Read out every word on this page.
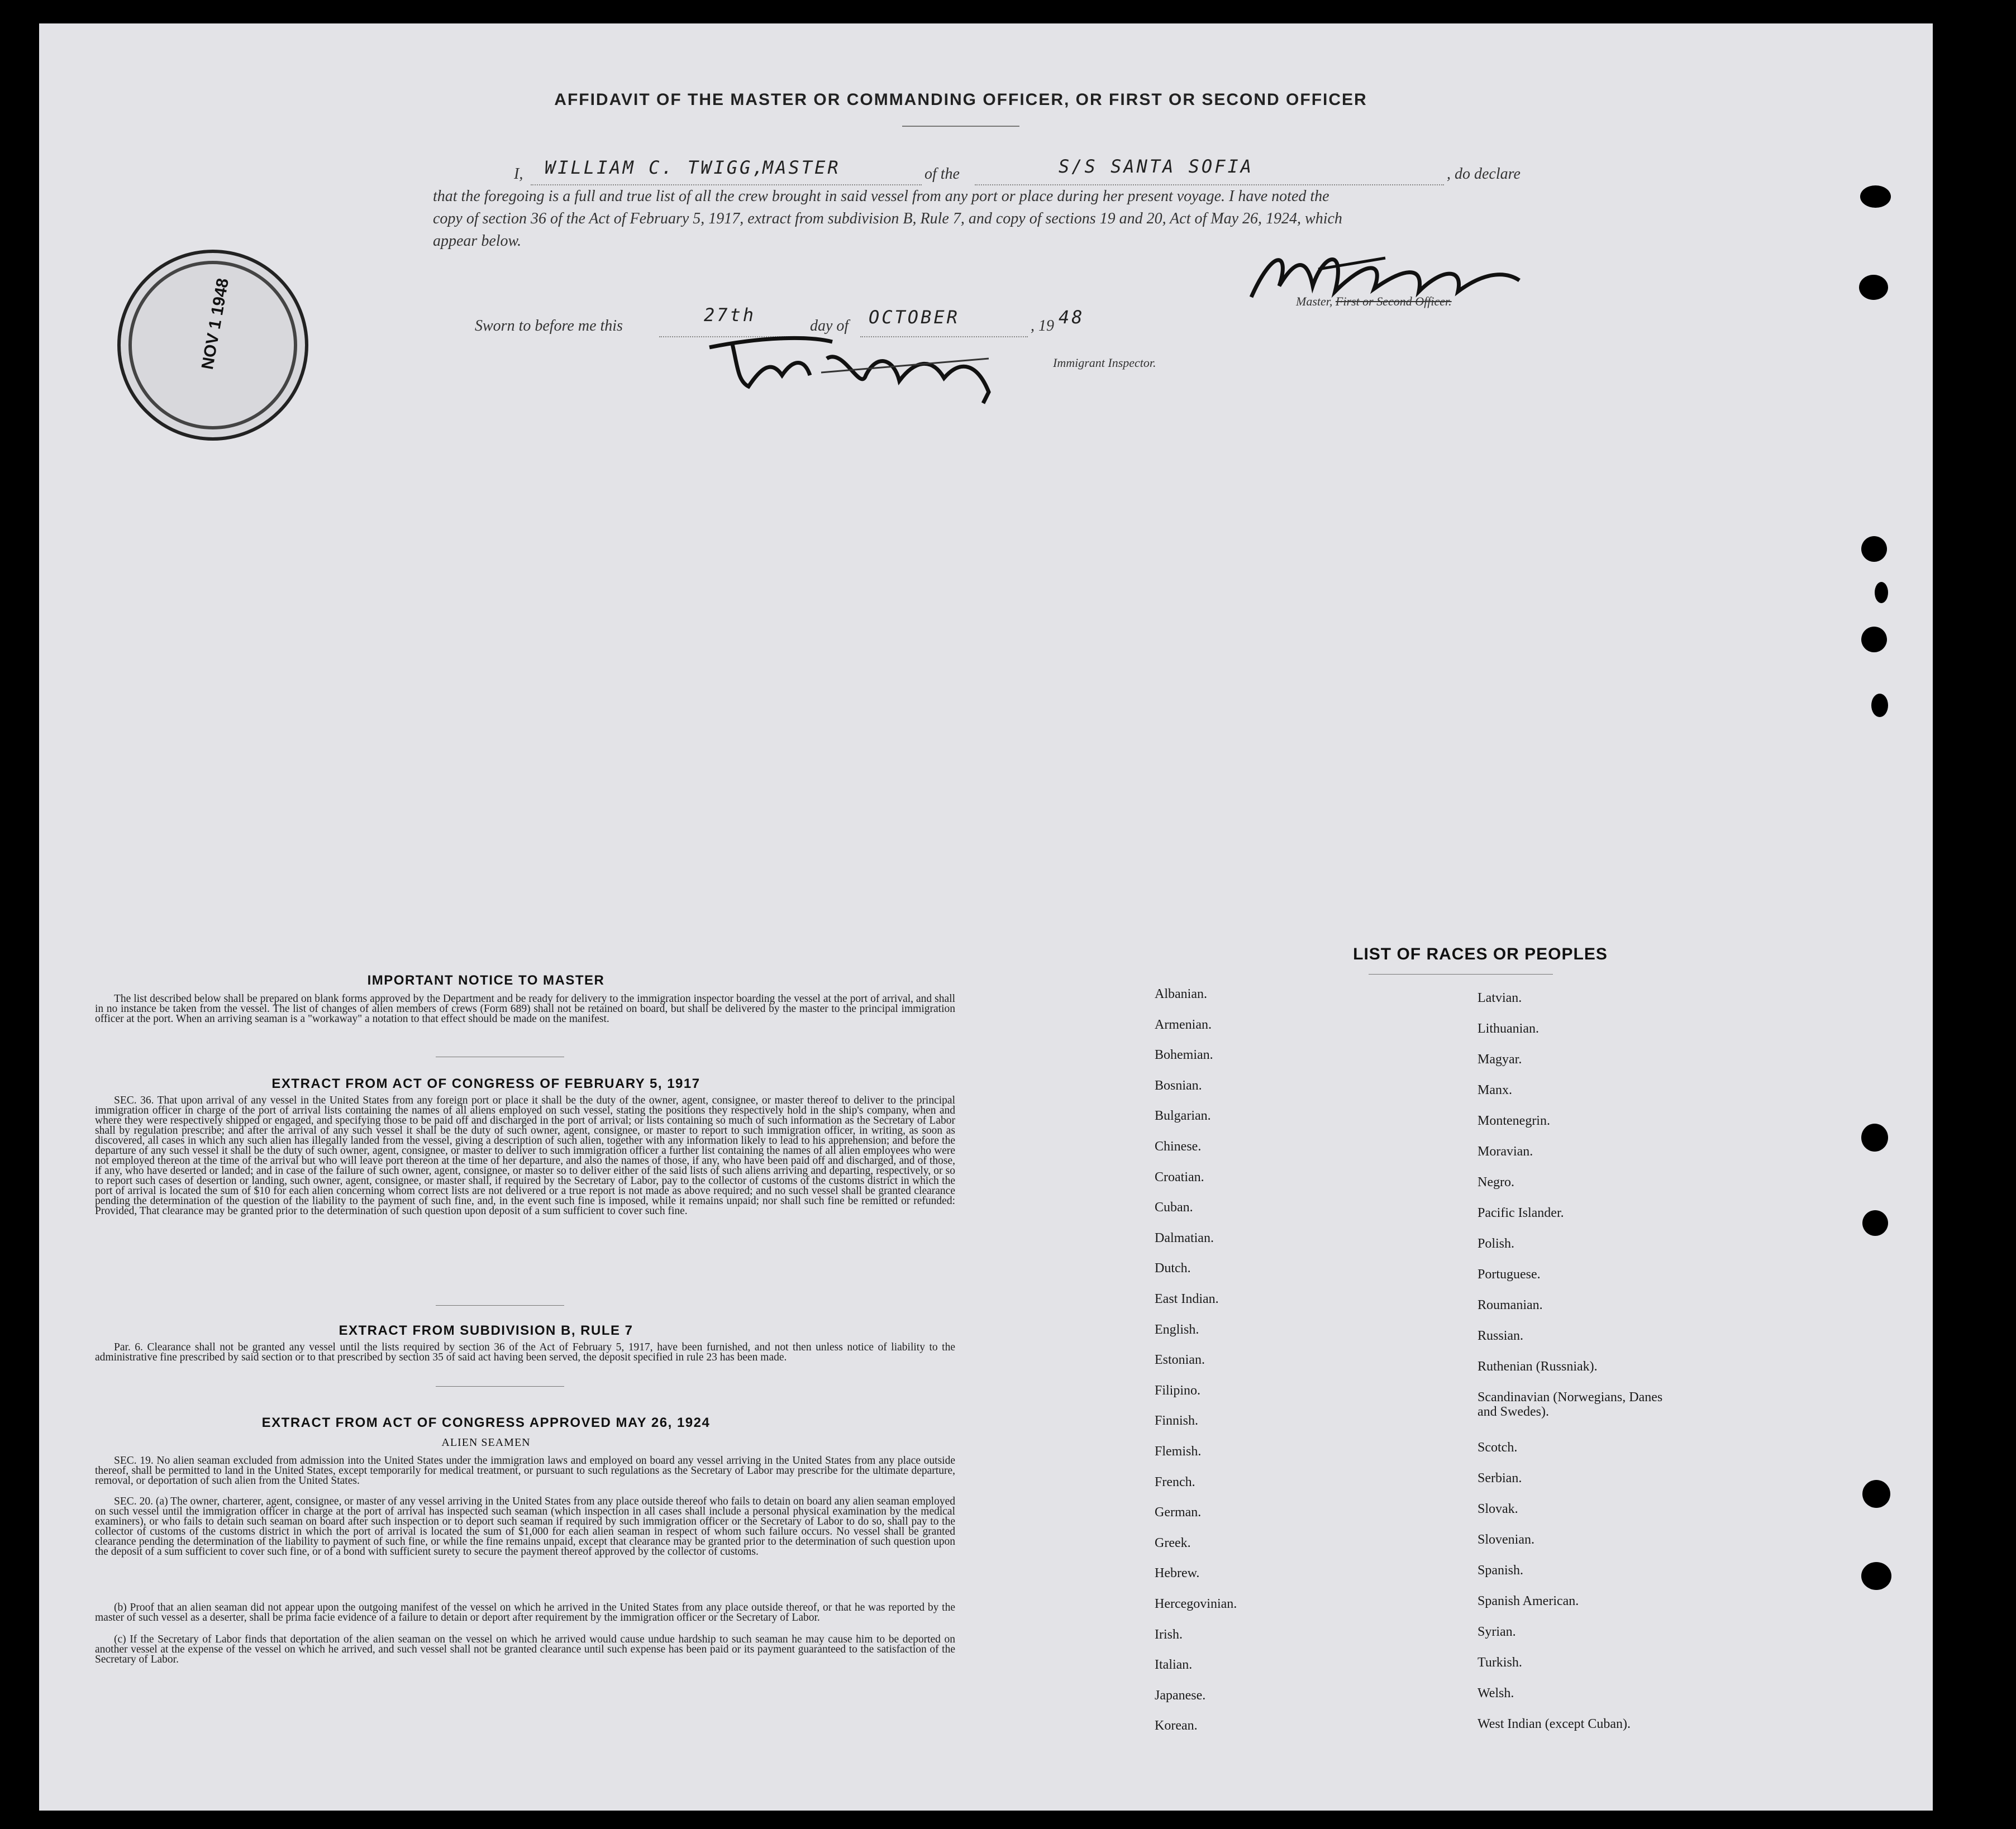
AFFIDAVIT OF THE MASTER OR COMMANDING OFFICER, OR FIRST OR SECOND OFFICER
I, WILLIAM C. TWIGG,
MASTER	of the	S/S SANTA SOFIA	, do declare
that the foregoing is a full and true list of all the crew brought in said vessel from any port or place during her present voyage. I have noted the
copy of section 36 of the Act of February 5, 1917, extract from subdivision B, Rule 7, and copy of sections 19 and 20, Act of May 26, 1924, which
appear below.
Master, First or Second Officer.
Sworn to before me this
27th
day of OCTOBER	, 19 48
Immigrant Inspector.
NOV 1 1948
IMPORTANT NOTICE TO MASTER
The list described below shall be prepared on blank forms approved by the Department and be ready for delivery to the immigration inspector boarding the vessel at the port of arrival, and shall in no instance be taken from the vessel. The list of changes of alien members of crews (Form 689) shall not be retained on board, but shall be delivered by the master to the principal immigration officer at the port. When an arriving seaman is a "workaway" a notation to that effect should be made on the manifest.
EXTRACT FROM ACT OF CONGRESS OF FEBRUARY 5, 1917
SEC. 36. That upon arrival of any vessel in the United States from any foreign port or place it shall be the duty of the owner, agent, consignee, or master thereof to deliver to the principal immigration officer in charge of the port of arrival lists containing the names of all aliens employed on such vessel, stating the positions they respectively hold in the ship's company, when and where they were respectively shipped or engaged, and specifying those to be paid off and discharged in the port of arrival; or lists containing so much of such information as the Secretary of Labor shall by regulation prescribe; and after the arrival of any such vessel it shall be the duty of such owner, agent, consignee, or master to report to such immigration officer, in writing, as soon as discovered, all cases in which any such alien has illegally landed from the vessel, giving a description of such alien, together with any information likely to lead to his apprehension; and before the departure of any such vessel it shall be the duty of such owner, agent, consignee, or master to deliver to such immigration officer a further list containing the names of all alien employees who were not employed thereon at the time of the arrival but who will leave port thereon at the time of her departure, and also the names of those, if any, who have been paid off and discharged, and of those, if any, who have deserted or landed; and in case of the failure of such owner, agent, consignee, or master so to deliver either of the said lists of such aliens arriving and departing, respectively, or so to report such cases of desertion or landing, such owner, agent, consignee, or master shall, if required by the Secretary of Labor, pay to the collector of customs of the customs district in which the port of arrival is located the sum of $10 for each alien concerning whom correct lists are not delivered or a true report is not made as above required; and no such vessel shall be granted clearance pending the determination of the question of the liability to the payment of such fine, and, in the event such fine is imposed, while it remains unpaid; nor shall such fine be remitted or refunded: Provided, That clearance may be granted prior to the determination of such question upon deposit of a sum sufficient to cover such fine.
EXTRACT FROM SUBDIVISION B, RULE 7
Par. 6. Clearance shall not be granted any vessel until the lists required by section 36 of the Act of February 5, 1917, have been furnished, and not then unless notice of liability to the administrative fine prescribed by said section or to that prescribed by section 35 of said act having been served, the deposit specified in rule 23 has been made.
EXTRACT FROM ACT OF CONGRESS APPROVED MAY 26, 1924
ALIEN SEAMEN
SEC. 19. No alien seaman excluded from admission into the United States under the immigration laws and employed on board any vessel arriving in the United States from any place outside thereof, shall be permitted to land in the United States, except temporarily for medical treatment, or pursuant to such regulations as the Secretary of Labor may prescribe for the ultimate departure, removal, or deportation of such alien from the United States.
SEC. 20. (a) The owner, charterer, agent, consignee, or master of any vessel arriving in the United States from any place outside thereof who fails to detain on board any alien seaman employed on such vessel until the immigration officer in charge at the port of arrival has inspected such seaman (which inspection in all cases shall include a personal physical examination by the medical examiners), or who fails to detain such seaman on board after such inspection or to deport such seaman if required by such immigration officer or the Secretary of Labor to do so, shall pay to the collector of customs of the customs district in which the port of arrival is located the sum of $1,000 for each alien seaman in respect of whom such failure occurs. No vessel shall be granted clearance pending the determination of the liability to payment of such fine, or while the fine remains unpaid, except that clearance may be granted prior to the determination of such question upon the deposit of a sum sufficient to cover such fine, or of a bond with sufficient surety to secure the payment thereof approved by the collector of customs.
(b) Proof that an alien seaman did not appear upon the outgoing manifest of the vessel on which he arrived in the United States from any place outside thereof, or that he was reported by the master of such vessel as a deserter, shall be prima facie evidence of a failure to detain or deport after requirement by the immigration officer or the Secretary of Labor.
(c) If the Secretary of Labor finds that deportation of the alien seaman on the vessel on which he arrived would cause undue hardship to such seaman he may cause him to be deported on another vessel at the expense of the vessel on which he arrived, and such vessel shall not be granted clearance until such expense has been paid or its payment guaranteed to the satisfaction of the Secretary of Labor.
LIST OF RACES OR PEOPLES
Albanian.
Armenian.
Bohemian.
Bosnian.
Bulgarian.
Chinese.
Croatian.
Cuban.
Dalmatian.
Dutch.
East Indian.
English.
Estonian.
Filipino.
Finnish.
Flemish.
French.
German.
Greek.
Hebrew.
Hercegovinian.
Irish.
Italian.
Japanese.
Korean.
Latvian.
Lithuanian.
Magyar.
Manx.
Montenegrin.
Moravian.
Negro.
Pacific Islander.
Polish.
Portuguese.
Roumanian.
Russian.
Ruthenian (Russniak).
Scandinavian (Norwegians, Danes and Swedes).
Scotch.
Serbian.
Slovak.
Slovenian.
Spanish.
Spanish American.
Syrian.
Turkish.
Welsh.
West Indian (except Cuban).
